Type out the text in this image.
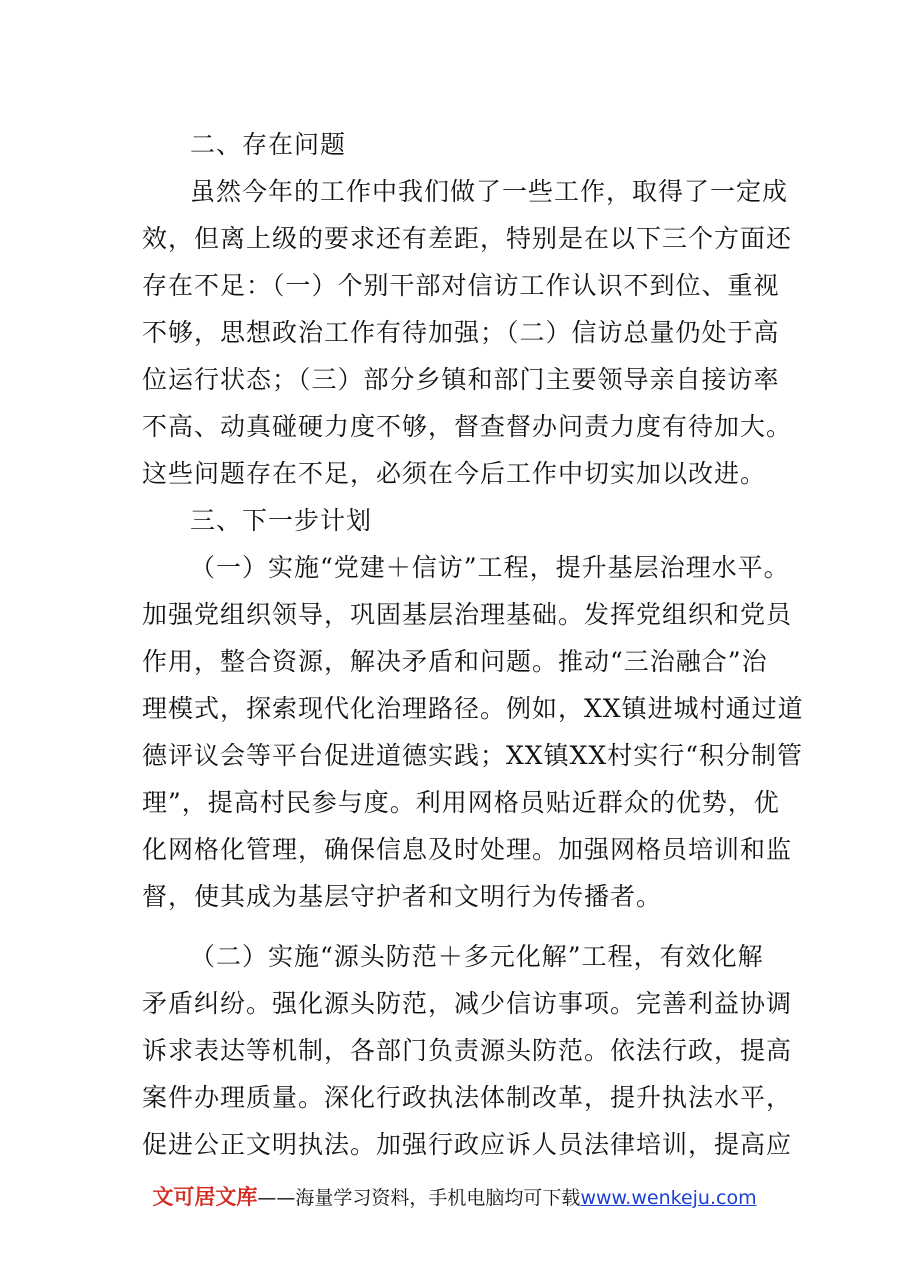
二、存在问题
虽然今年的工作中我们做了一些工作，取得了一定成
效，但离上级的要求还有差距，特别是在以下三个方面还
存在不足：（一）个别干部对信访工作认识不到位、重视
不够，思想政治工作有待加强；（二）信访总量仍处于高
位运行状态；（三）部分乡镇和部门主要领导亲自接访率
不高、动真碰硬力度不够，督查督办问责力度有待加大。
这些问题存在不足，必须在今后工作中切实加以改进。
三、下一步计划
（一）实施“党建＋信访”工程，提升基层治理水平。
加强党组织领导，巩固基层治理基础。发挥党组织和党员
作用，整合资源，解决矛盾和问题。推动“三治融合”治
理模式，探索现代化治理路径。例如，XX镇进城村通过道
德评议会等平台促进道德实践；XX镇XX村实行“积分制管
理”，提高村民参与度。利用网格员贴近群众的优势，优
化网格化管理，确保信息及时处理。加强网格员培训和监
督，使其成为基层守护者和文明行为传播者。
（二）实施“源头防范＋多元化解”工程，有效化解
矛盾纠纷。强化源头防范，减少信访事项。完善利益协调
诉求表达等机制，各部门负责源头防范。依法行政，提高
案件办理质量。深化行政执法体制改革，提升执法水平，
促进公正文明执法。加强行政应诉人员法律培训，提高应
文可居文库——海量学习资料，手机电脑均可下载www.wenkeju.com
